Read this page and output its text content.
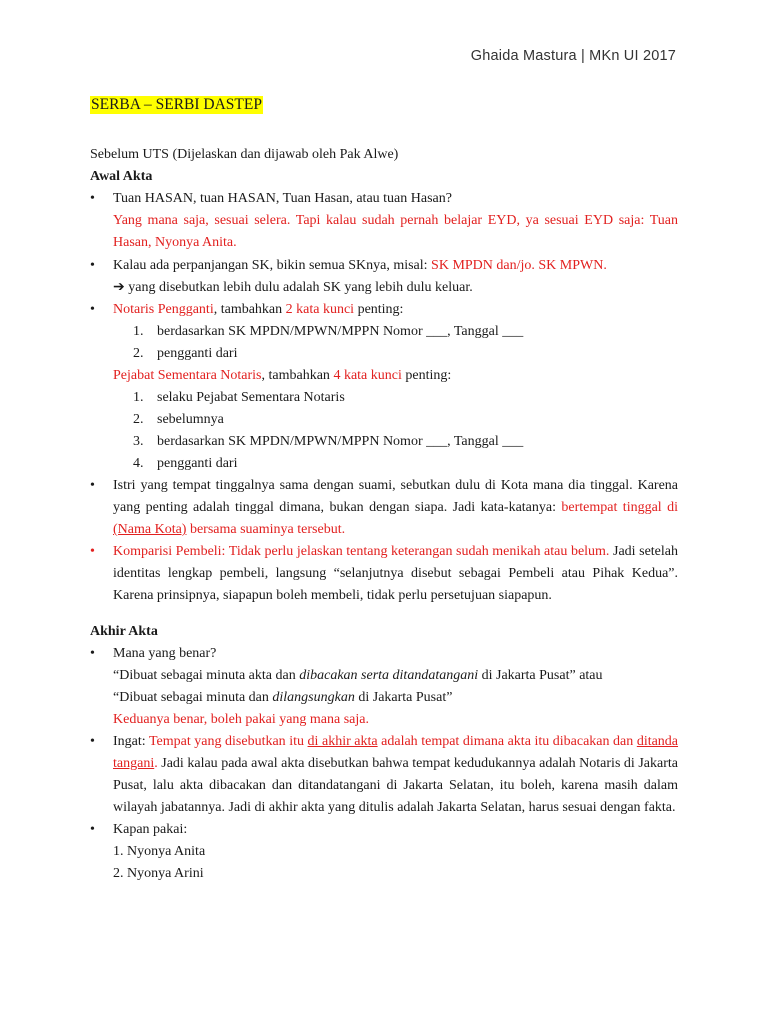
Ghaida Mastura | MKn UI 2017
SERBA – SERBI DASTEP

Sebelum UTS (Dijelaskan dan dijawab oleh Pak Alwe)

Awal Akta

• Tuan HASAN, tuan HASAN, Tuan Hasan, atau tuan Hasan?
Yang mana saja, sesuai selera. Tapi kalau sudah pernah belajar EYD, ya sesuai EYD saja: Tuan Hasan, Nyonya Anita.
• Kalau ada perpanjangan SK, bikin semua SKnya, misal: SK MPDN dan/jo. SK MPWN.
➔ yang disebutkan lebih dulu adalah SK yang lebih dulu keluar.
• Notaris Pengganti, tambahkan 2 kata kunci penting:
1. berdasarkan SK MPDN/MPWN/MPPN Nomor ___, Tanggal ___
2. pengganti dari
Pejabat Sementara Notaris, tambahkan 4 kata kunci penting:
1. selaku Pejabat Sementara Notaris
2. sebelumnya
3. berdasarkan SK MPDN/MPWN/MPPN Nomor ___, Tanggal ___
4. pengganti dari
• Istri yang tempat tinggalnya sama dengan suami, sebutkan dulu di Kota mana dia tinggal. Karena yang penting adalah tinggal dimana, bukan dengan siapa. Jadi kata-katanya: bertempat tinggal di (Nama Kota) bersama suaminya tersebut.
• Komparisi Pembeli: Tidak perlu jelaskan tentang keterangan sudah menikah atau belum. Jadi setelah identitas lengkap pembeli, langsung “selanjutnya disebut sebagai Pembeli atau Pihak Kedua”. Karena prinsipnya, siapapun boleh membeli, tidak perlu persetujuan siapapun.

Akhir Akta

• Mana yang benar?
“Dibuat sebagai minuta akta dan dibacakan serta ditandatangani di Jakarta Pusat” atau
“Dibuat sebagai minuta dan dilangsungkan di Jakarta Pusat”
Keduanya benar, boleh pakai yang mana saja.
• Ingat: Tempat yang disebutkan itu di akhir akta adalah tempat dimana akta itu dibacakan dan ditanda tangani. Jadi kalau pada awal akta disebutkan bahwa tempat kedudukannya adalah Notaris di Jakarta Pusat, lalu akta dibacakan dan ditandatangani di Jakarta Selatan, itu boleh, karena masih dalam wilayah jabatannya. Jadi di akhir akta yang ditulis adalah Jakarta Selatan, harus sesuai dengan fakta.
• Kapan pakai:
1. Nyonya Anita
2. Nyonya Arini
